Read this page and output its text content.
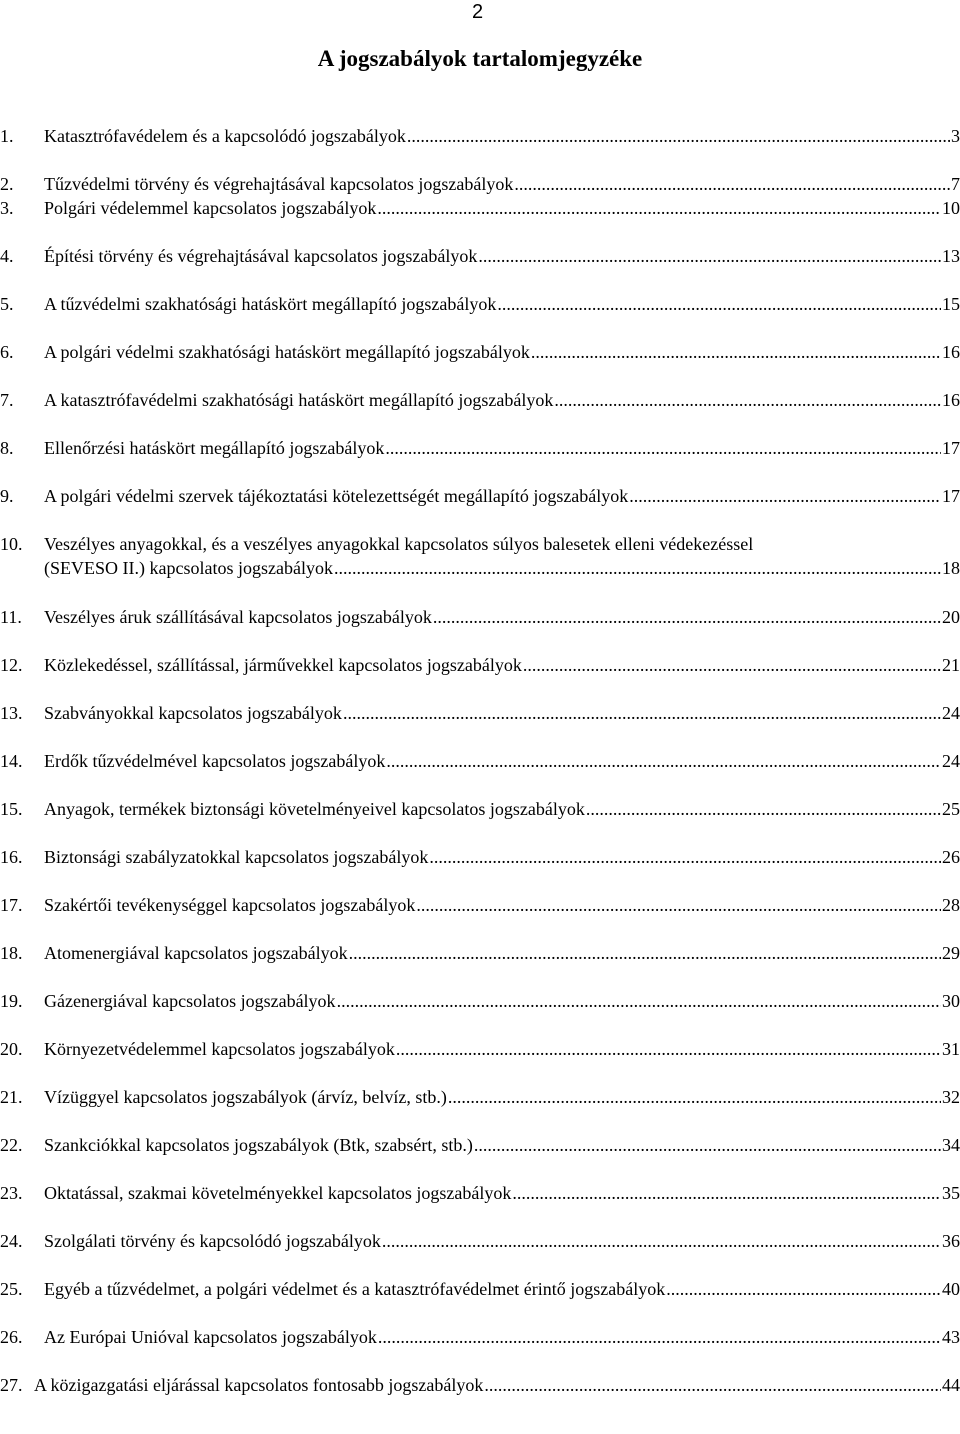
2
A jogszabályok tartalomjegyzéke
1. Katasztrófavédelem és a kapcsolódó jogszabályok .....	3
2. Tűzvédelmi törvény és végrehajtásával kapcsolatos jogszabályok .....	7
3. Polgári védelemmel kapcsolatos jogszabályok .....	10
4. Építési törvény és végrehajtásával kapcsolatos jogszabályok .....	13
5. A tűzvédelmi szakhatósági hatáskört megállapító jogszabályok .....	15
6. A polgári védelmi szakhatósági hatáskört megállapító jogszabályok .....	16
7. A katasztrófavédelmi szakhatósági hatáskört megállapító jogszabályok .....	16
8. Ellenőrzési hatáskört megállapító jogszabályok .....	17
9. A polgári védelmi szervek tájékoztatási kötelezettségét megállapító jogszabályok .....	17
10. Veszélyes anyagokkal, és a veszélyes anyagokkal kapcsolatos súlyos balesetek elleni védekezéssel
(SEVESO II.) kapcsolatos jogszabályok .....	18
11. Veszélyes áruk szállításával kapcsolatos jogszabályok .....	20
12. Közlekedéssel, szállítással, járművekkel kapcsolatos jogszabályok .....	21
13. Szabványokkal kapcsolatos jogszabályok .....	24
14. Erdők tűzvédelmével kapcsolatos jogszabályok .....	24
15. Anyagok, termékek biztonsági követelményeivel kapcsolatos jogszabályok .....	25
16. Biztonsági szabályzatokkal kapcsolatos jogszabályok .....	26
17. Szakértői tevékenységgel kapcsolatos jogszabályok .....	28
18. Atomenergiával kapcsolatos jogszabályok .....	29
19. Gázenergiával kapcsolatos jogszabályok .....	30
20. Környezetvédelemmel kapcsolatos jogszabályok .....	31
21. Vízüggyel kapcsolatos jogszabályok (árvíz, belvíz, stb.) .....	32
22. Szankciókkal kapcsolatos jogszabályok (Btk, szabsért, stb.) .....	34
23. Oktatással, szakmai követelményekkel kapcsolatos jogszabályok .....	35
24. Szolgálati törvény és kapcsolódó jogszabályok .....	36
25. Egyéb a tűzvédelmet, a polgári védelmet és a katasztrófavédelmet érintő jogszabályok .....	40
26. Az Európai Unióval kapcsolatos jogszabályok .....	43
27. A közigazgatási eljárással kapcsolatos fontosabb jogszabályok .....	44
